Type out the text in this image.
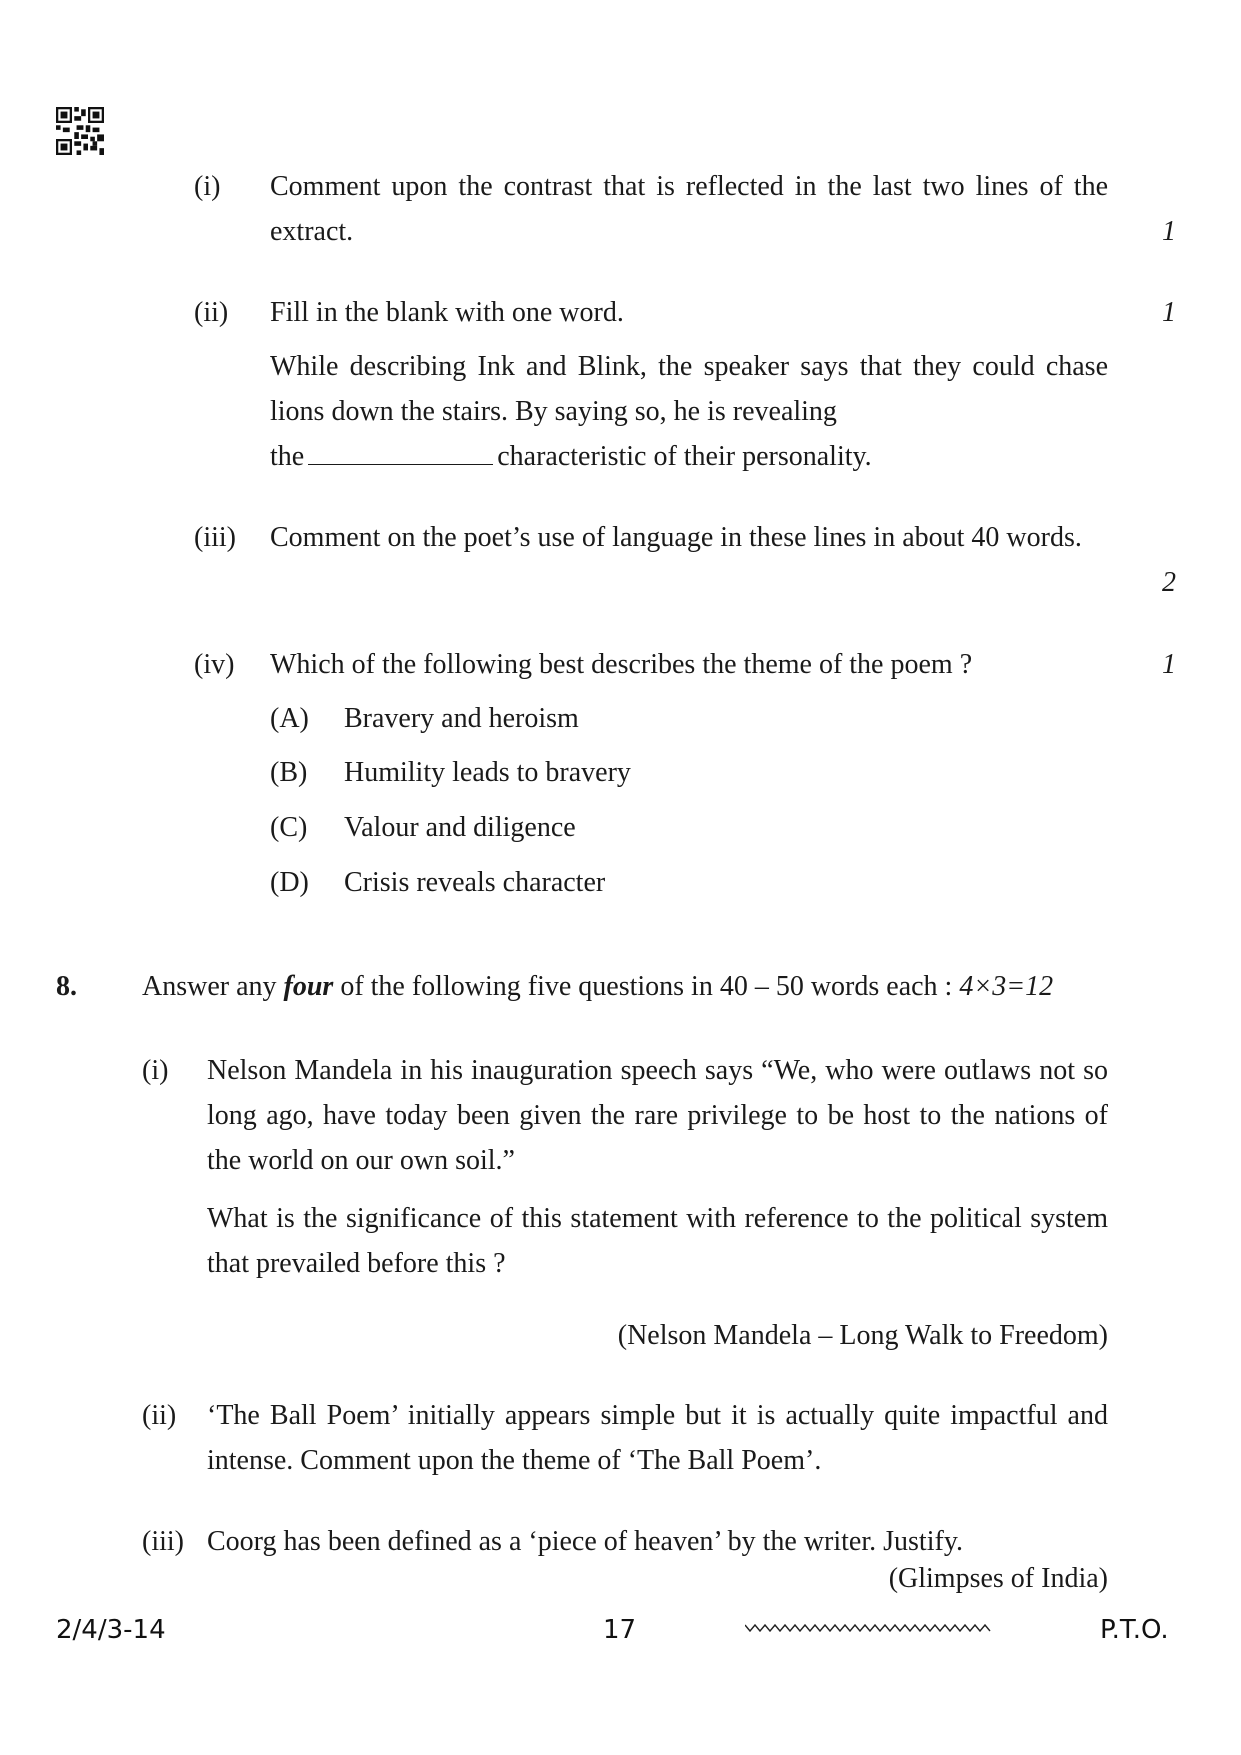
(i) Comment upon the contrast that is reflected in the last two lines of the extract.	1
(ii) Fill in the blank with one word.	1
While describing Ink and Blink, the speaker says that they could chase lions down the stairs. By saying so, he is revealing
the	characteristic of their personality.
(iii) Comment on the poet’s use of language in these lines in about 40 words.
2
(iv) Which of the following best describes the theme of the poem ?	1
(A) Bravery and heroism
(B) Humility leads to bravery
(C) Valour and diligence
(D) Crisis reveals character
8. Answer any four of the following five questions in 40 – 50 words each : 4×3=12
(i) Nelson Mandela in his inauguration speech says “We, who were outlaws not so long ago, have today been given the rare privilege to be host to the nations of the world on our own soil.”
What is the significance of this statement with reference to the political system that prevailed before this ?
(Nelson Mandela – Long Walk to Freedom)
(ii) ‘The Ball Poem’ initially appears simple but it is actually quite impactful and intense. Comment upon the theme of ‘The Ball Poem’.
(iii) Coorg has been defined as a ‘piece of heaven’ by the writer. Justify.
(Glimpses of India)
2/4/3-14	17	P.T.O.
